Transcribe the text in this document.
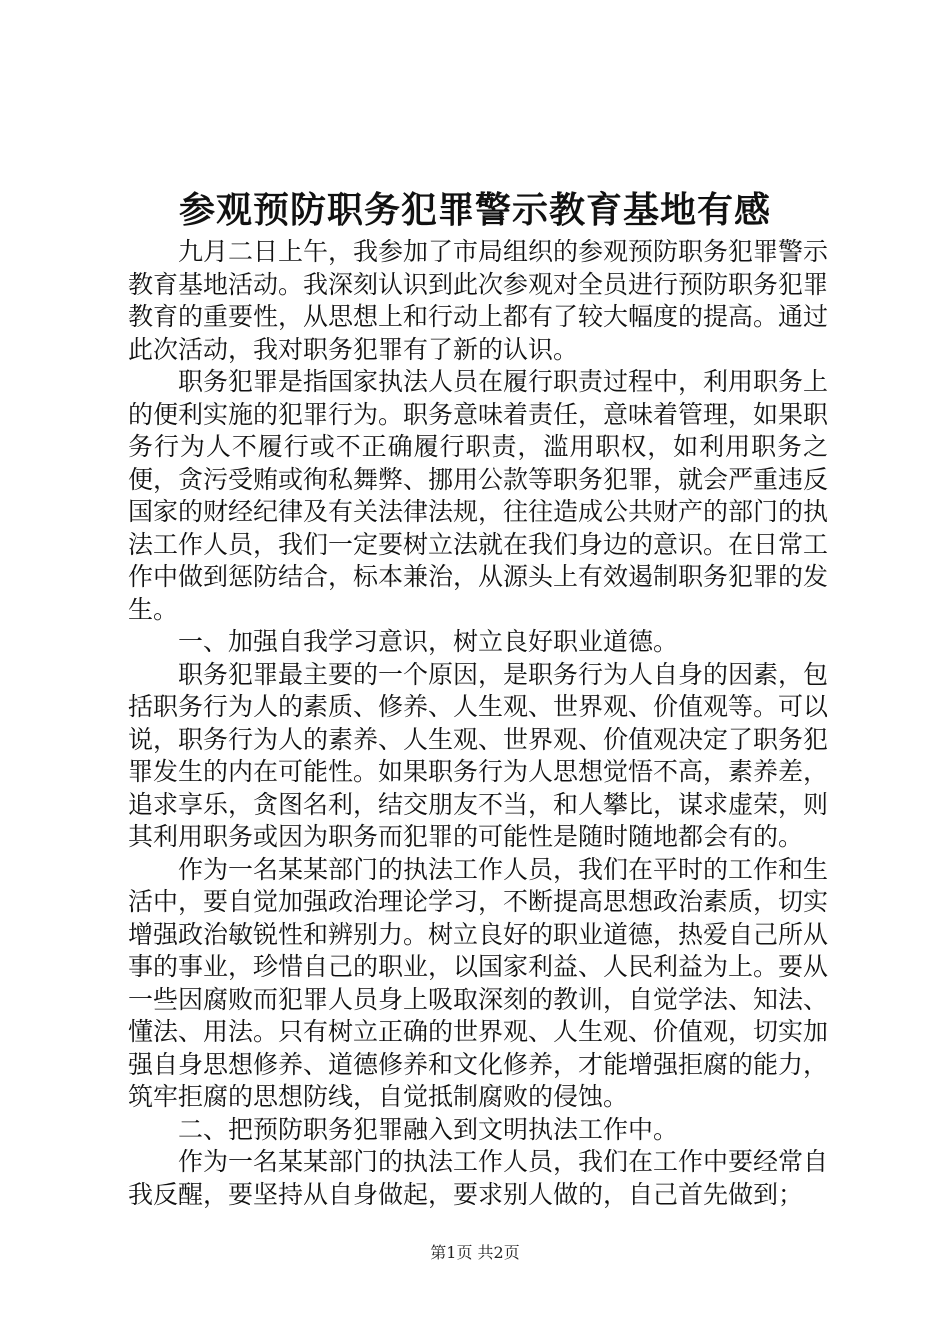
参观预防职务犯罪警示教育基地有感

九月二日上午，我参加了市局组织的参观预防职务犯罪警示教育基地活动。我深刻认识到此次参观对全员进行预防职务犯罪教育的重要性，从思想上和行动上都有了较大幅度的提高。通过此次活动，我对职务犯罪有了新的认识。

职务犯罪是指国家执法人员在履行职责过程中，利用职务上的便利实施的犯罪行为。职务意味着责任，意味着管理，如果职务行为人不履行或不正确履行职责，滥用职权，如利用职务之便，贪污受贿或徇私舞弊、挪用公款等职务犯罪，就会严重违反国家的财经纪律及有关法律法规，往往造成公共财产的部门的执法工作人员，我们一定要树立法就在我们身边的意识。在日常工作中做到惩防结合，标本兼治，从源头上有效遏制职务犯罪的发生。

一、加强自我学习意识，树立良好职业道德。

职务犯罪最主要的一个原因，是职务行为人自身的因素，包括职务行为人的素质、修养、人生观、世界观、价值观等。可以说，职务行为人的素养、人生观、世界观、价值观决定了职务犯罪发生的内在可能性。如果职务行为人思想觉悟不高，素养差，追求享乐，贪图名利，结交朋友不当，和人攀比，谋求虚荣，则其利用职务或因为职务而犯罪的可能性是随时随地都会有的。

作为一名某某部门的执法工作人员，我们在平时的工作和生活中，要自觉加强政治理论学习，不断提高思想政治素质，切实增强政治敏锐性和辨别力。树立良好的职业道德，热爱自己所从事的事业，珍惜自己的职业，以国家利益、人民利益为上。要从一些因腐败而犯罪人员身上吸取深刻的教训，自觉学法、知法、懂法、用法。只有树立正确的世界观、人生观、价值观，切实加强自身思想修养、道德修养和文化修养，才能增强拒腐的能力，筑牢拒腐的思想防线，自觉抵制腐败的侵蚀。

二、把预防职务犯罪融入到文明执法工作中。

作为一名某某部门的执法工作人员，我们在工作中要经常自我反醒，要坚持从自身做起，要求别人做的，自己首先做到；

第1页 共2页
